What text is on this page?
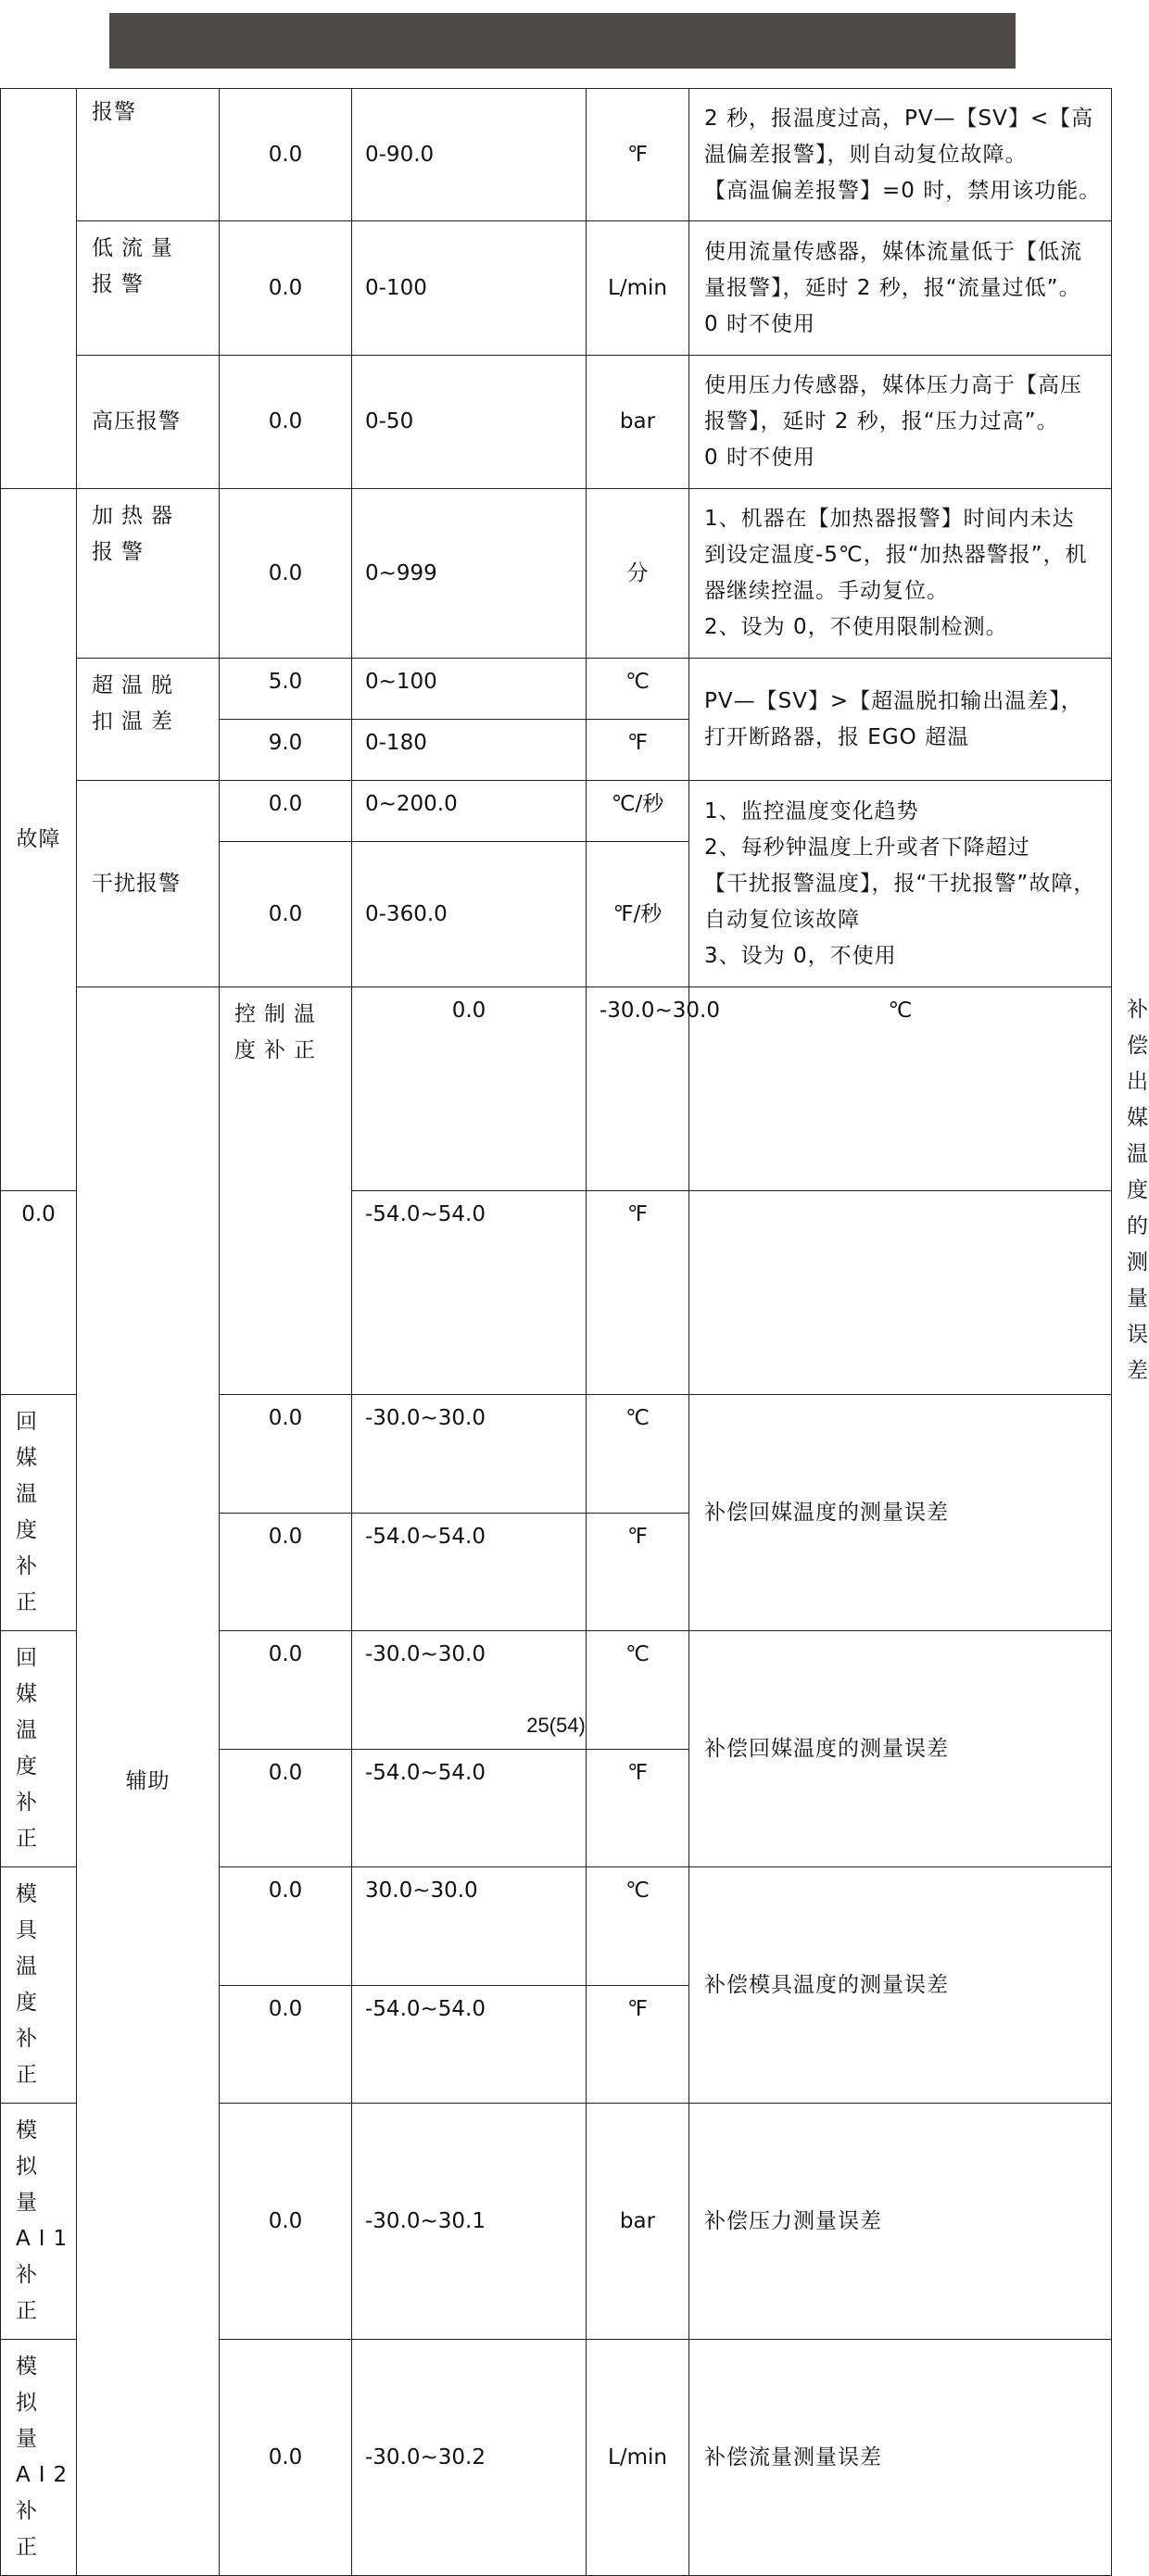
	报警	0.0	0-90.0	℉	2 秒，报温度过高，PV—【SV】<【高
温偏差报警】，则自动复位故障。
【高温偏差报警】=0 时，禁用该功能。	

	低流量报警	0.0	0-100	L/min	使用流量传感器，媒体流量低于【低流
量报警】，延时 2 秒，报“流量过低”。
0 时不使用	

	高压报警	0.0	0-50	bar	使用压力传感器，媒体压力高于【高压
报警】，延时 2 秒，报“压力过高”。
0 时不使用	

故障	加热器报警	0.0	0~999	分	1、机器在【加热器报警】时间内未达
到设定温度-5℃，报“加热器警报”，机
器继续控温。手动复位。
2、设为 0，不使用限制检测。	

	超温脱扣温差	5.0	0~100	℃	PV—【SV】>【超温脱扣输出温差】，
打开断路器，报 EGO 超温	

		9.0	0-180	℉		
	干扰报警	0.0	0~200.0	℃/秒	1、监控温度变化趋势
2、每秒钟温度上升或者下降超过
【干扰报警温度】，报“干扰报警”故障，
自动复位该故障
3、设为 0，不使用	

		0.0	0-360.0	℉/秒		
	辅助	控制温度补正	0.0	-30.0~30.0	℃	补偿出媒温度的测量误差

0.0			-54.0~54.0	℉		
回媒温度补正		0.0	-30.0~30.0	℃	补偿回媒温度的测量误差	

		0.0	-54.0~54.0	℉		
回媒温度补正		0.0	-30.0~30.0	℃	补偿回媒温度的测量误差	

		0.0	-54.0~54.0	℉		
模具温度补正		0.0	30.0~30.0	℃	补偿模具温度的测量误差	

		0.0	-54.0~54.0	℉		
模拟量 AI1 补正		0.0	-30.0~30.1	bar	补偿压力测量误差	

模拟量 AI2 补正		0.0	-30.0~30.2	L/min	补偿流量测量误差	
25(54)
